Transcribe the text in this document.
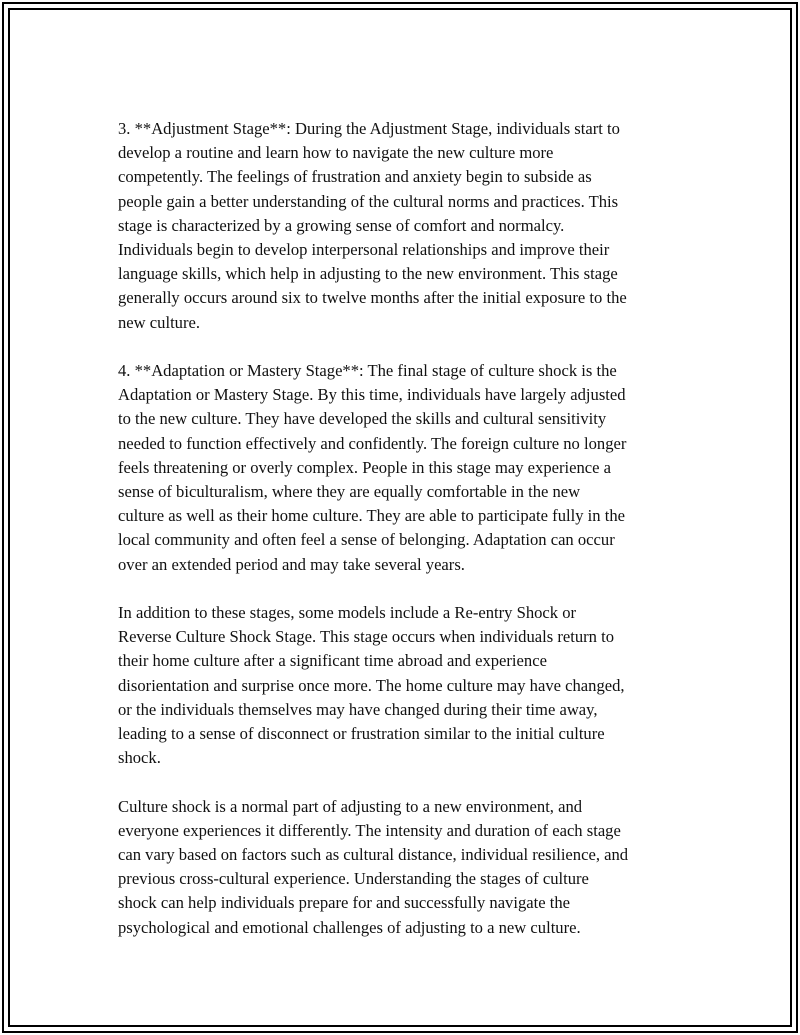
3. **Adjustment Stage**: During the Adjustment Stage, individuals start to
develop a routine and learn how to navigate the new culture more
competently. The feelings of frustration and anxiety begin to subside as
people gain a better understanding of the cultural norms and practices. This
stage is characterized by a growing sense of comfort and normalcy.
Individuals begin to develop interpersonal relationships and improve their
language skills, which help in adjusting to the new environment. This stage
generally occurs around six to twelve months after the initial exposure to the
new culture.

4. **Adaptation or Mastery Stage**: The final stage of culture shock is the
Adaptation or Mastery Stage. By this time, individuals have largely adjusted
to the new culture. They have developed the skills and cultural sensitivity
needed to function effectively and confidently. The foreign culture no longer
feels threatening or overly complex. People in this stage may experience a
sense of biculturalism, where they are equally comfortable in the new
culture as well as their home culture. They are able to participate fully in the
local community and often feel a sense of belonging. Adaptation can occur
over an extended period and may take several years.

In addition to these stages, some models include a Re-entry Shock or
Reverse Culture Shock Stage. This stage occurs when individuals return to
their home culture after a significant time abroad and experience
disorientation and surprise once more. The home culture may have changed,
or the individuals themselves may have changed during their time away,
leading to a sense of disconnect or frustration similar to the initial culture
shock.

Culture shock is a normal part of adjusting to a new environment, and
everyone experiences it differently. The intensity and duration of each stage
can vary based on factors such as cultural distance, individual resilience, and
previous cross-cultural experience. Understanding the stages of culture
shock can help individuals prepare for and successfully navigate the
psychological and emotional challenges of adjusting to a new culture.
